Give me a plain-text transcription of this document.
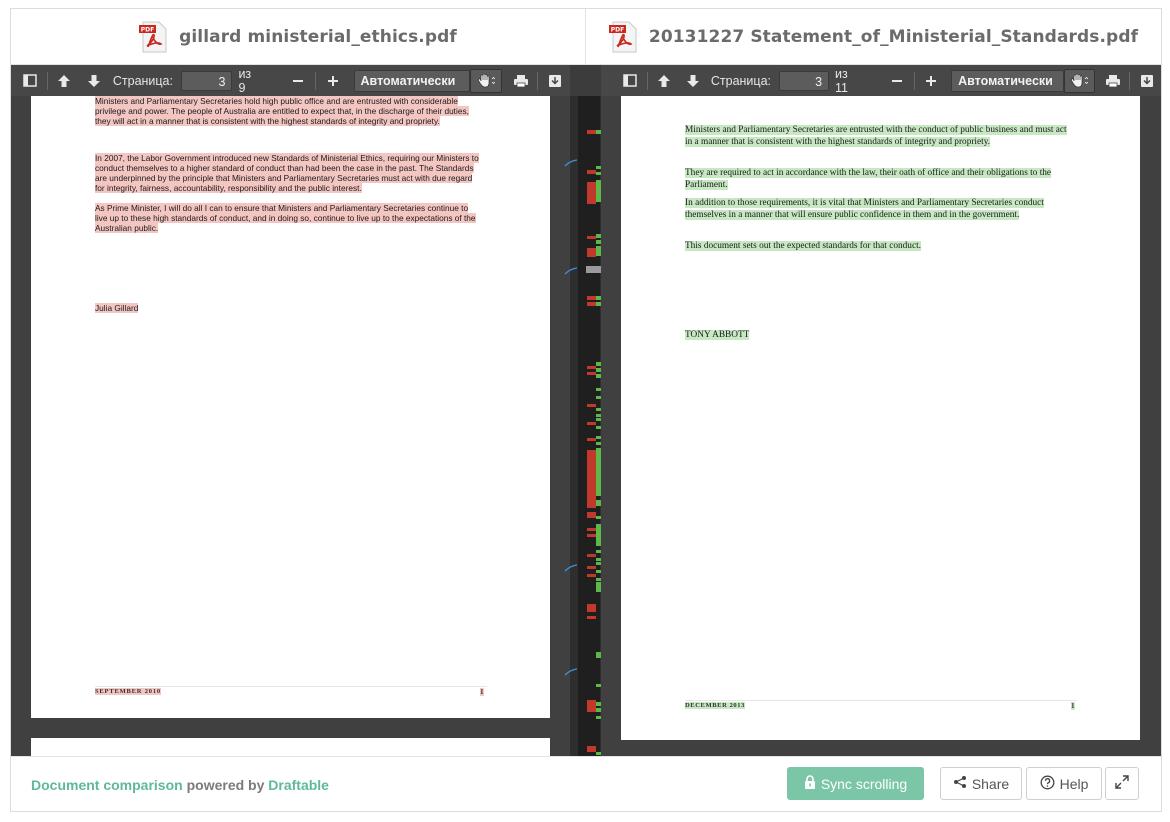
PDF gillard ministerial_ethics.pdf	PDF 20131227 Statement_of_Ministerial_Standards.pdf
Страница:	3
из 9	Автоматически	Страница:	3
из 11	Автоматически
Ministers and Parliamentary Secretaries hold high public office and are entrusted with considerable privilege and power. The people of Australia are entitled to expect that, in the discharge of their duties, they will act in a manner that is consistent with the highest standards of integrity and propriety.
In 2007, the Labor Government introduced new Standards of Ministerial Ethics, requiring our Ministers to conduct themselves to a higher standard of conduct than had been the case in the past. The Standards are underpinned by the principle that Ministers and Parliamentary Secretaries must act with due regard for integrity, fairness, accountability, responsibility and the public interest.
As Prime Minister, I will do all I can to ensure that Ministers and Parliamentary Secretaries continue to live up to these high standards of conduct, and in doing so, continue to live up to the expectations of the Australian public.
Julia Gillard
SEPTEMBER 2010	1
Ministers and Parliamentary Secretaries are entrusted with the conduct of public business and must act in a manner that is consistent with the highest standards of integrity and propriety.
They are required to act in accordance with the law, their oath of office and their obligations to the Parliament.
In addition to those requirements, it is vital that Ministers and Parliamentary Secretaries conduct themselves in a manner that will ensure public confidence in them and in the government.
This document sets out the expected standards for that conduct.
TONY ABBOTT
DECEMBER 2013	1
Document comparison powered by Draftable	Sync scrolling	Share	Help
